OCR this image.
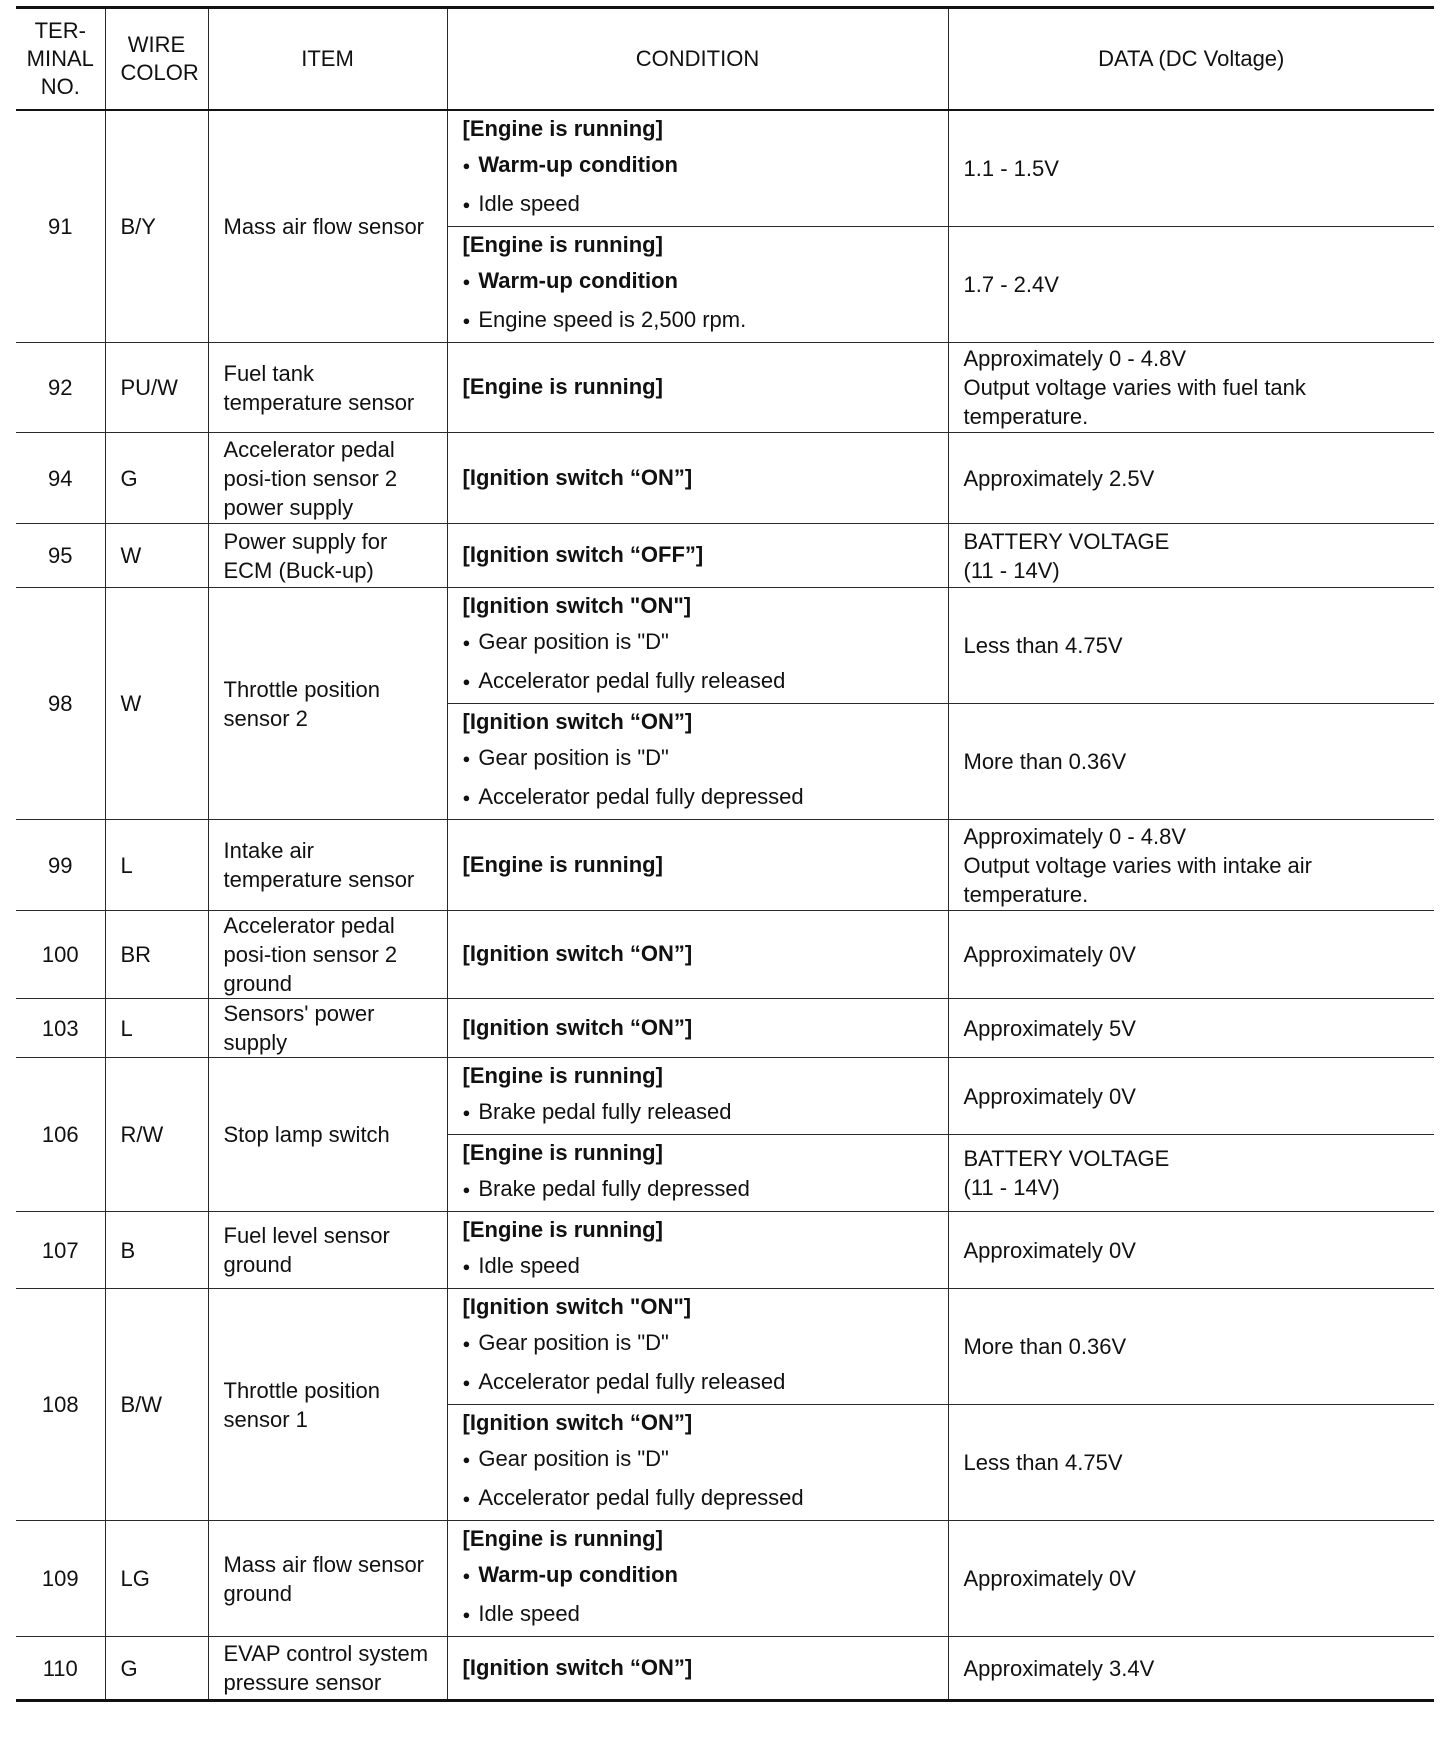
TER-
MINAL
NO.	WIRE
COLOR	ITEM	CONDITION	DATA (DC Voltage)
91	B/Y	Mass air flow sensor	[Engine is running]
● Warm-up condition
● Idle speed	1.1 - 1.5V

			[Engine is running]
● Warm-up condition
● Engine speed is 2,500 rpm.	1.7 - 2.4V

92	PU/W	Fuel tank temperature sensor	[Engine is running]	Approximately 0 - 4.8V
Output voltage varies with fuel tank temperature.

94	G	Accelerator pedal posi-tion sensor 2 power supply	[Ignition switch “ON”]	Approximately 2.5V

95	W	Power supply for ECM (Buck-up)	[Ignition switch “OFF”]	BATTERY VOLTAGE
(11 - 14V)

98	W	Throttle position sensor 2	[Ignition switch "ON"]
● Gear position is "D"
● Accelerator pedal fully released	Less than 4.75V

			[Ignition switch “ON”]
● Gear position is "D"
● Accelerator pedal fully depressed	More than 0.36V

99	L	Intake air temperature sensor	[Engine is running]	Approximately 0 - 4.8V
Output voltage varies with intake air temperature.

100	BR	Accelerator pedal posi-tion sensor 2 ground	[Ignition switch “ON”]	Approximately 0V

103	L	Sensors' power supply	[Ignition switch “ON”]	Approximately 5V

106	R/W	Stop lamp switch	[Engine is running]
● Brake pedal fully released	Approximately 0V

			[Engine is running]
● Brake pedal fully depressed	BATTERY VOLTAGE
(11 - 14V)

107	B	Fuel level sensor ground	[Engine is running]
● Idle speed	Approximately 0V

108	B/W	Throttle position sensor 1	[Ignition switch "ON"]
● Gear position is "D"
● Accelerator pedal fully released	More than 0.36V

			[Ignition switch “ON”]
● Gear position is "D"
● Accelerator pedal fully depressed	Less than 4.75V

109	LG	Mass air flow sensor ground	[Engine is running]
● Warm-up condition
● Idle speed	Approximately 0V

110	G	EVAP control system pressure sensor	[Ignition switch “ON”]	Approximately 3.4V
